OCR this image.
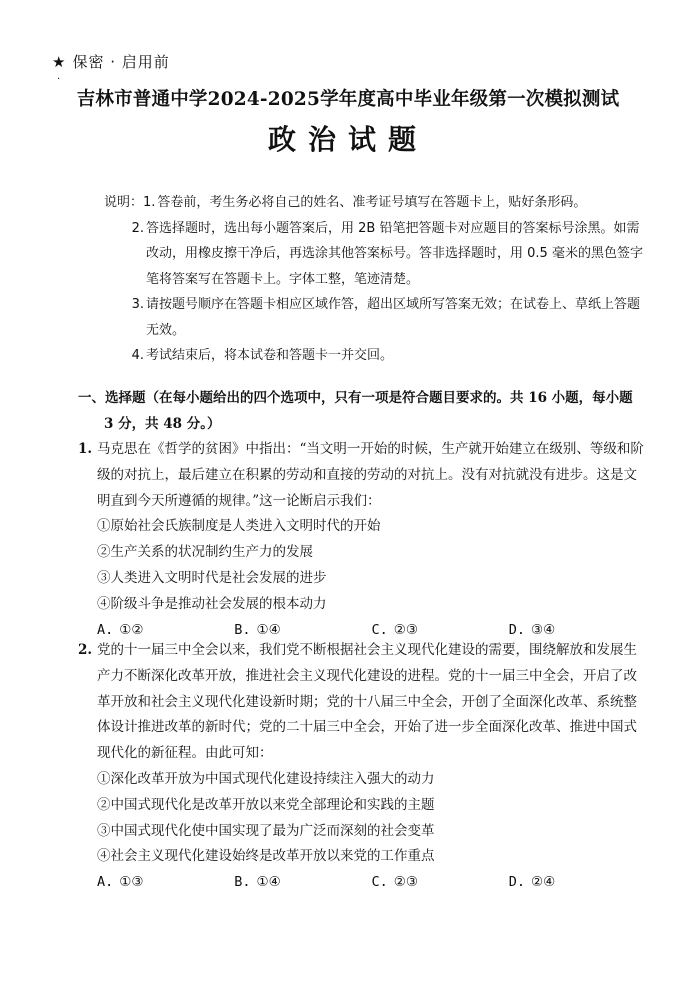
★ 保密 · 启用前
·
吉林市普通中学2024-2025学年度高中毕业年级第一次模拟测试
政治试题
说明： 1. 答卷前，考生务必将自己的姓名、准考证号填写在答题卡上，贴好条形码。
2. 答选择题时，选出每小题答案后，用 2B 铅笔把答题卡对应题目的答案标号涂黑。如需改动，用橡皮擦干净后，再选涂其他答案标号。答非选择题时，用 0.5 毫米的黑色签字笔将答案写在答题卡上。字体工整，笔迹清楚。
3. 请按题号顺序在答题卡相应区域作答，超出区域所写答案无效；在试卷上、草纸上答题无效。
4. 考试结束后，将本试卷和答题卡一并交回。
一、选择题（在每小题给出的四个选项中，只有一项是符合题目要求的。共 16 小题，每小题 3 分，共 48 分。）
1. 马克思在《哲学的贫困》中指出：“当文明一开始的时候，生产就开始建立在级别、等级和阶级的对抗上，最后建立在积累的劳动和直接的劳动的对抗上。没有对抗就没有进步。这是文明直到今天所遵循的规律。”这一论断启示我们：
①原始社会氏族制度是人类进入文明时代的开始
②生产关系的状况制约生产力的发展
③人类进入文明时代是社会发展的进步
④阶级斗争是推动社会发展的根本动力
A. ①②	B. ①④	C. ②③	D. ③④
2. 党的十一届三中全会以来，我们党不断根据社会主义现代化建设的需要，围绕解放和发展生产力不断深化改革开放，推进社会主义现代化建设的进程。党的十一届三中全会，开启了改革开放和社会主义现代化建设新时期；党的十八届三中全会，开创了全面深化改革、系统整体设计推进改革的新时代；党的二十届三中全会，开始了进一步全面深化改革、推进中国式现代化的新征程。由此可知：
①深化改革开放为中国式现代化建设持续注入强大的动力
②中国式现代化是改革开放以来党全部理论和实践的主题
③中国式现代化使中国实现了最为广泛而深刻的社会变革
④社会主义现代化建设始终是改革开放以来党的工作重点
A. ①③	B. ①④	C. ②③	D. ②④
